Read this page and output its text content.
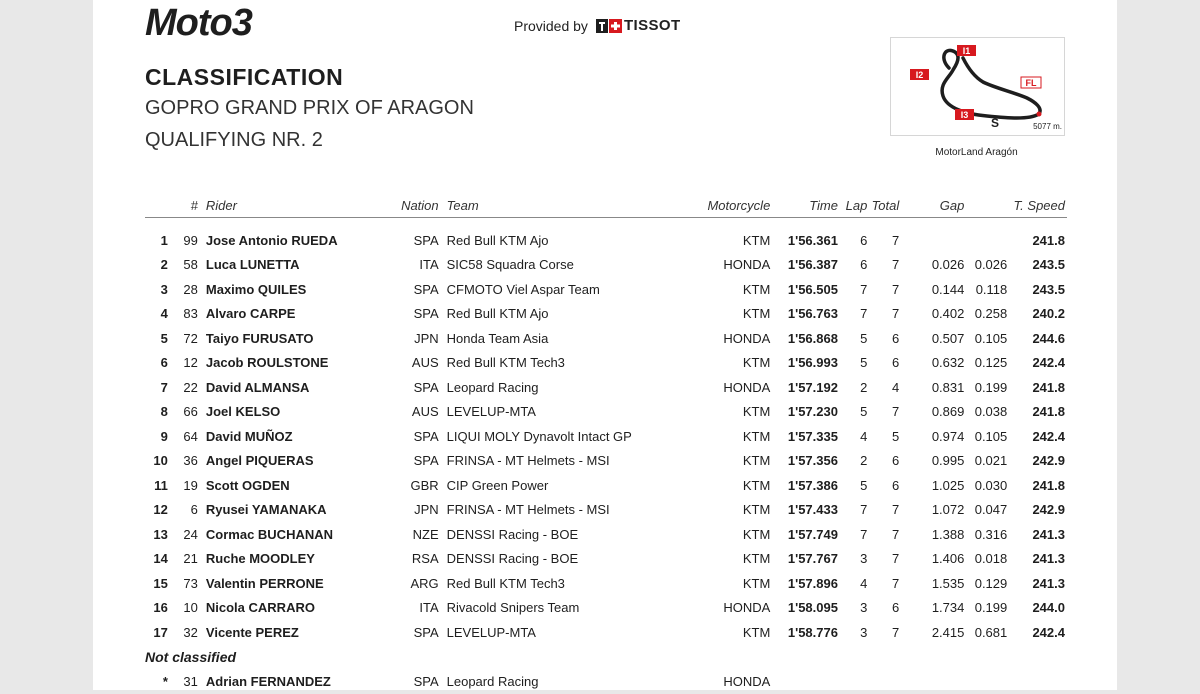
Moto3	Provided by TISSOT
CLASSIFICATION
GOPRO GRAND PRIX OF ARAGON
QUALIFYING NR. 2
I1
I2
I3
FL
S	5077 m.
MotorLand Aragón
	#	Rider	Nation	Team	Motorcycle	Time	Lap	Total	Gap		T. Speed

1	99	Jose Antonio RUEDA	SPA	Red Bull KTM Ajo	KTM	1'56.361	6	7			241.8
2	58	Luca LUNETTA	ITA	SIC58 Squadra Corse	HONDA	1'56.387	6	7	0.026	0.026	243.5
3	28	Maximo QUILES	SPA	CFMOTO Viel Aspar Team	KTM	1'56.505	7	7	0.144	0.118	243.5
4	83	Alvaro CARPE	SPA	Red Bull KTM Ajo	KTM	1'56.763	7	7	0.402	0.258	240.2
5	72	Taiyo FURUSATO	JPN	Honda Team Asia	HONDA	1'56.868	5	6	0.507	0.105	244.6
6	12	Jacob ROULSTONE	AUS	Red Bull KTM Tech3	KTM	1'56.993	5	6	0.632	0.125	242.4
7	22	David ALMANSA	SPA	Leopard Racing	HONDA	1'57.192	2	4	0.831	0.199	241.8
8	66	Joel KELSO	AUS	LEVELUP-MTA	KTM	1'57.230	5	7	0.869	0.038	241.8
9	64	David MUÑOZ	SPA	LIQUI MOLY Dynavolt Intact GP	KTM	1'57.335	4	5	0.974	0.105	242.4
10	36	Angel PIQUERAS	SPA	FRINSA - MT Helmets - MSI	KTM	1'57.356	2	6	0.995	0.021	242.9
11	19	Scott OGDEN	GBR	CIP Green Power	KTM	1'57.386	5	6	1.025	0.030	241.8
12	6	Ryusei YAMANAKA	JPN	FRINSA - MT Helmets - MSI	KTM	1'57.433	7	7	1.072	0.047	242.9
13	24	Cormac BUCHANAN	NZE	DENSSI Racing - BOE	KTM	1'57.749	7	7	1.388	0.316	241.3
14	21	Ruche MOODLEY	RSA	DENSSI Racing - BOE	KTM	1'57.767	3	7	1.406	0.018	241.3
15	73	Valentin PERRONE	ARG	Red Bull KTM Tech3	KTM	1'57.896	4	7	1.535	0.129	241.3
16	10	Nicola CARRARO	ITA	Rivacold Snipers Team	HONDA	1'58.095	3	6	1.734	0.199	244.0
17	32	Vicente PEREZ	SPA	LEVELUP-MTA	KTM	1'58.776	3	7	2.415	0.681	242.4
Not classified											
*	31	Adrian FERNANDEZ	SPA	Leopard Racing	HONDA						
